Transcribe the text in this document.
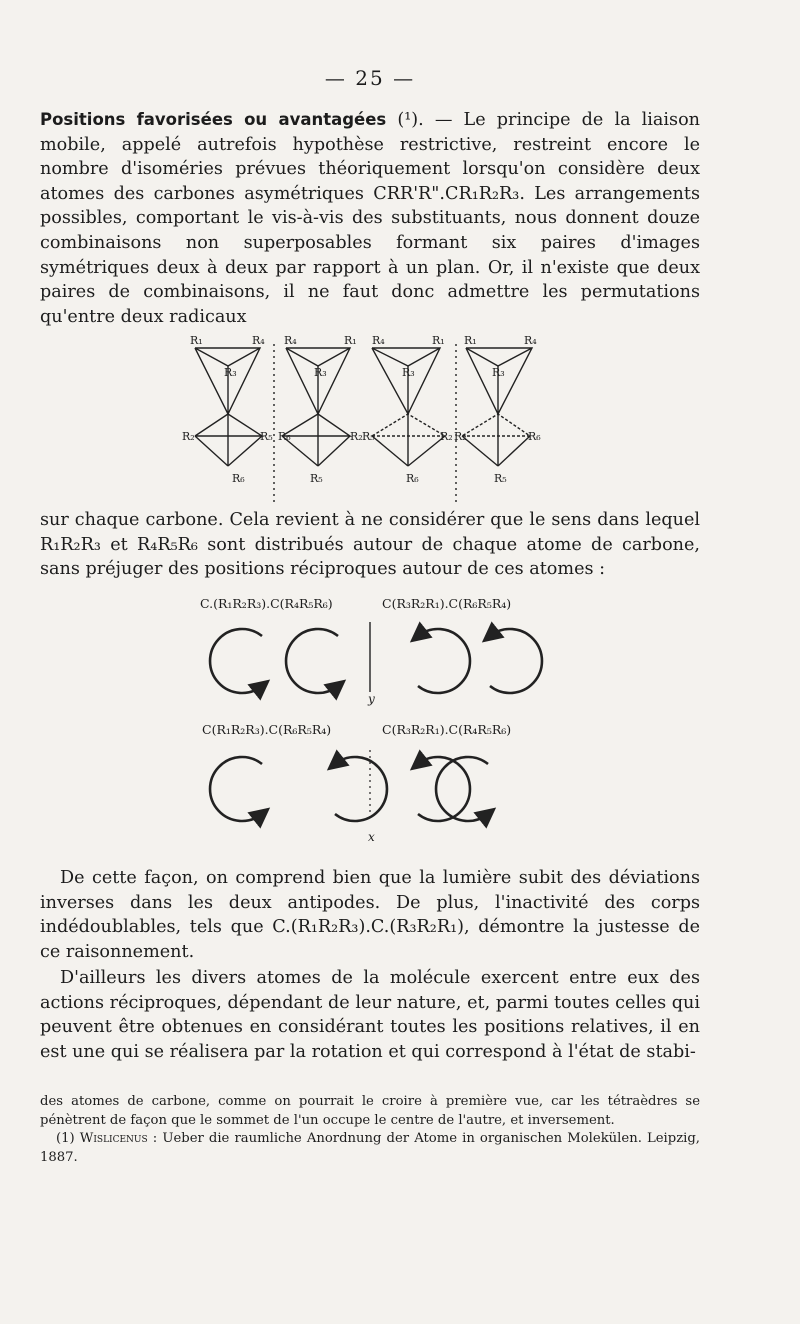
— 25 —

Positions favorisées ou avantagées (¹). — Le principe de la liaison mobile, appelé autrefois hypothèse restrictive, restreint encore le nombre d'isoméries prévues théoriquement lorsqu'on considère deux atomes des carbones asymétriques CRR'R".CR₁R₂R₃. Les arrangements possibles, comportant le vis-à-vis des substituants, nous donnent douze combinaisons non superposables formant six paires d'images symétriques deux à deux par rapport à un plan. Or, il n'existe que deux paires de combinaisons, il ne faut donc admettre les permutations qu'entre deux radicaux

R₁	R₄
R₃
R₂	R₅
R₆
R₄	R₁
R₃
R₆	R₂
R₅
R₄	R₁
R₃
R₅	R₂
R₆
R₁	R₄
R₃
R₂	R₆
R₅

sur chaque carbone. Cela revient à ne considérer que le sens dans lequel R₁R₂R₃ et R₄R₅R₆ sont distribués autour de chaque atome de carbone, sans préjuger des positions réciproques autour de ces atomes :

C.(R₁R₂R₃).C(R₄R₅R₆)	C(R₃R₂R₁).C(R₆R₅R₄)
y
C(R₁R₂R₃).C(R₆R₅R₄)	C(R₃R₂R₁).C(R₄R₅R₆)
x

De cette façon, on comprend bien que la lumière subit des déviations inverses dans les deux antipodes. De plus, l'inactivité des corps indédoublables, tels que C.(R₁R₂R₃).C.(R₃R₂R₁), démontre la justesse de ce raisonnement.

D'ailleurs les divers atomes de la molécule exercent entre eux des actions réciproques, dépendant de leur nature, et, parmi toutes celles qui peuvent être obtenues en considérant toutes les positions relatives, il en est une qui se réalisera par la rotation et qui correspond à l'état de stabi-

des atomes de carbone, comme on pourrait le croire à première vue, car les tétraèdres se pénètrent de façon que le sommet de l'un occupe le centre de l'autre, et inversement.

(1) Wislicenus : Ueber die raumliche Anordnung der Atome in organischen Molekülen. Leipzig, 1887.
